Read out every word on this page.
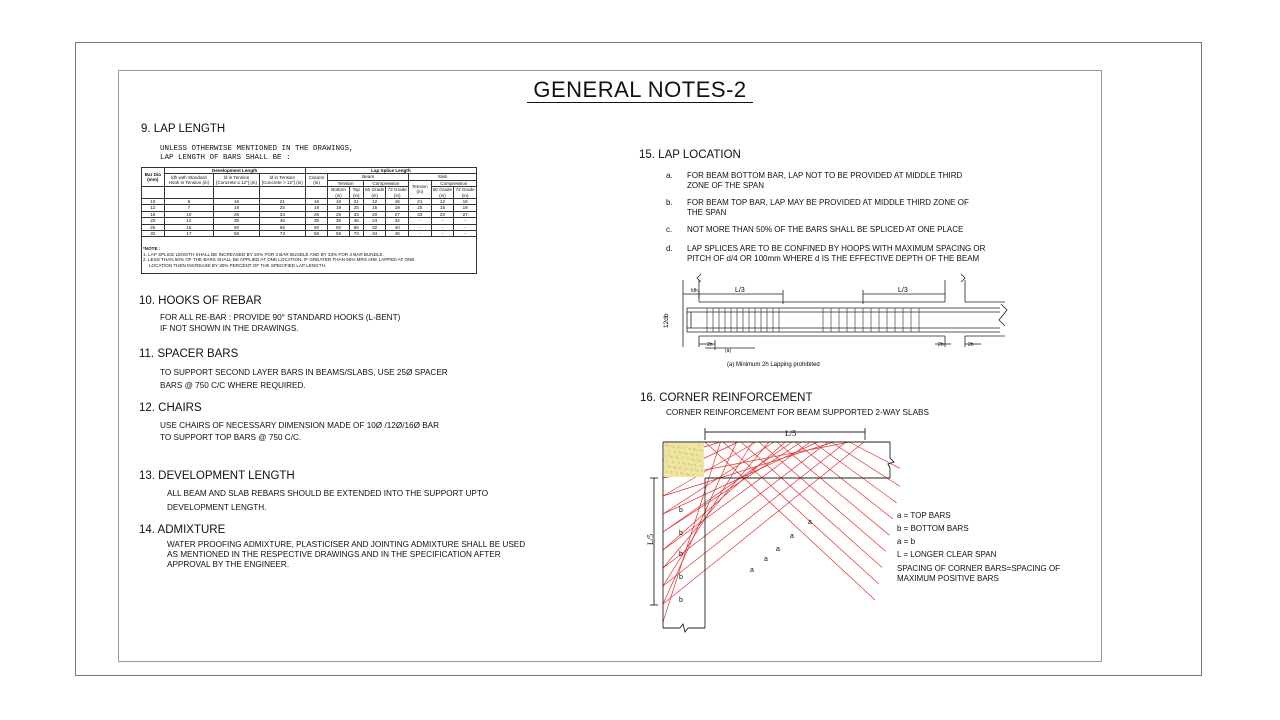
GENERAL NOTES-2
9. LAP LENGTH
UNLESS OTHERWISE MENTIONED IN THE DRAWINGS,
LAP LENGTH OF BARS SHALL BE :
Bar Dia (mm)	Development Length			Lap Splice Length							
	ldh with Standard Hook in Tension (in)	ld in Tension [Concrete ≤ 12"] (in)	ld in Tension [Concrete > 12"] (in)	Column (in)	Beam				Slab		
					Tension		Compression		Tension (in)	Compression	
					Bottom (in)	Top (in)	60 Grade (in)	72 Grade (in)		60 Grade (in)	72 Grade (in)
10	6	16	21	16	16	21	12	16	21	12	16
12	7	19	25	19	19	25	15	19	25	15	19
16	10	26	33	26	26	33	20	27	33	20	27
20	12	35	46	35	35	46	24	32	-	-	-
25	15	50	65	50	50	65	32	40	-	-	-
32	17	56	73	56	56	73	34	46	-	-	-
*NOTE :
1. LAP SPLICE LENGTH SHALL BE INCREASED BY 20% FOR 3 BAR BUNDLE AND BY 33% FOR 4 BAR BUNDLE.
2. LESS THAN 50% OF THE BARS SHALL BE APPLIED AT ONE LOCATION. IF GREATER THAN 50% MRS ARE LAPPED AT ONE
LOCATION THEN INCREASE BY 30% PERCENT OF THE SPECIFIED LAP LENGTH.
10. HOOKS OF REBAR
FOR ALL RE-BAR : PROVIDE 90° STANDARD HOOKS (L-BENT)
IF NOT SHOWN IN THE DRAWINGS.
11. SPACER BARS
TO SUPPORT SECOND LAYER BARS IN BEAMS/SLABS, USE 25Ø SPACER
BARS @ 750 C/C WHERE REQUIRED.
12. CHAIRS
USE CHAIRS OF NECESSARY DIMENSION MADE OF 10Ø /12Ø/16Ø BAR
TO SUPPORT TOP BARS @ 750 C/C.
13. DEVELOPMENT LENGTH
ALL BEAM AND SLAB REBARS SHOULD BE EXTENDED INTO THE SUPPORT UPTO
DEVELOPMENT LENGTH.
14. ADMIXTURE
WATER PROOFING ADMIXTURE, PLASTICISER AND JOINTING ADMIXTURE SHALL BE USED
AS MENTIONED IN THE RESPECTIVE DRAWINGS AND IN THE SPECIFICATION AFTER
APPROVAL BY THE ENGINEER.
15. LAP LOCATION
a. FOR BEAM BOTTOM BAR, LAP NOT TO BE PROVIDED AT MIDDLE THIRD
ZONE OF THE SPAN
b. FOR BEAM TOP BAR, LAP MAY BE PROVIDED AT MIDDLE THIRD ZONE OF
THE SPAN
c. NOT MORE THAN 50% OF THE BARS SHALL BE SPLICED AT ONE PLACE
d. LAP SPLICES ARE TO BE CONFINED BY HOOPS WITH MAXIMUM SPACING OR
PITCH OF d/4 OR 100mm WHERE d IS THE EFFECTIVE DEPTH OF THE BEAM
ldh	L/3	L/3
12db
2h	2h	2h
(a)
(a) Minimum 2h Lapping prohibited
16. CORNER REINFORCEMENT
CORNER REINFORCEMENT FOR BEAM SUPPORTED 2-WAY SLABS
L/5
L/5
a
a
a
a
a
b
b
b
b
b
a = TOP BARS
b = BOTTOM BARS
a = b
L = LONGER CLEAR SPAN
SPACING OF CORNER BARS=SPACING OF
MAXIMUM POSITIVE BARS
